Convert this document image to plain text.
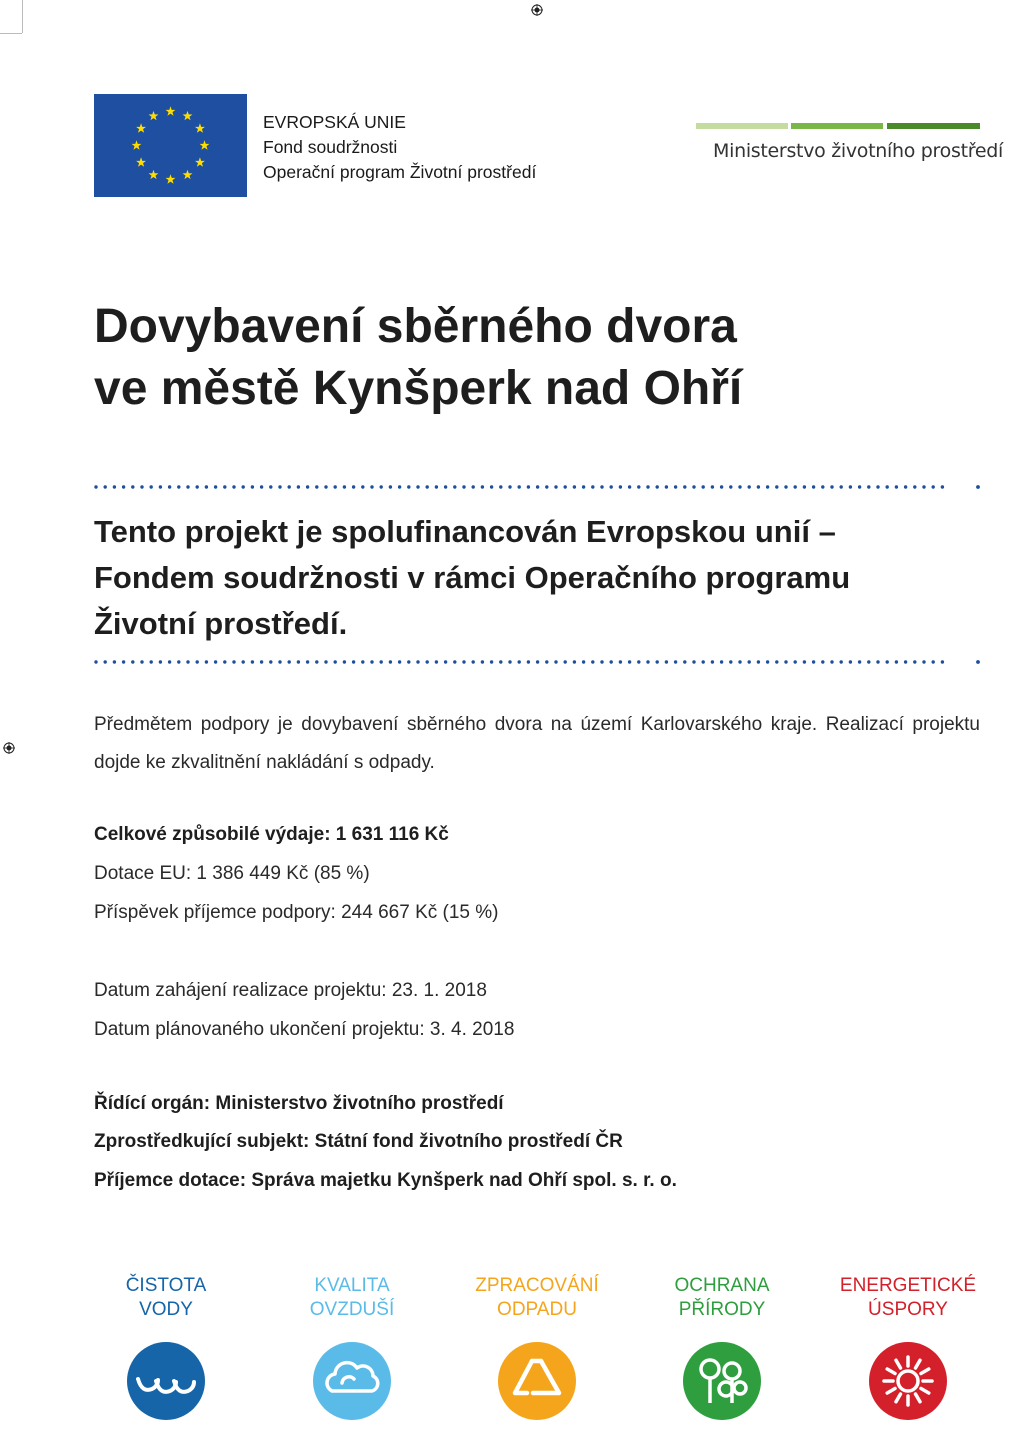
EVROPSKÁ UNIE
Fond soudržnosti
Operační program Životní prostředí
Ministerstvo životního prostředí
Dovybavení sběrného dvora
ve městě Kynšperk nad Ohří
Tento projekt je spolufinancován Evropskou unií –
Fondem soudržnosti v rámci Operačního programu
Životní prostředí.
Předmětem podpory je dovybavení sběrného dvora na území Karlovarského kraje. Realizací projektu dojde ke zkvalitnění nakládání s odpady.
Celkové způsobilé výdaje: 1 631 116 Kč
Dotace EU: 1 386 449 Kč (85 %)
Příspěvek příjemce podpory: 244 667 Kč (15 %)
Datum zahájení realizace projektu: 23. 1. 2018
Datum plánovaného ukončení projektu: 3. 4. 2018
Řídící orgán: Ministerstvo životního prostředí
Zprostředkující subjekt: Státní fond životního prostředí ČR
Příjemce dotace: Správa majetku Kynšperk nad Ohří spol. s. r. o.
ČISTOTA
VODY
KVALITA
OVZDUŠÍ
ZPRACOVÁNÍ
ODPADU
OCHRANA
PŘÍRODY
ENERGETICKÉ
ÚSPORY
